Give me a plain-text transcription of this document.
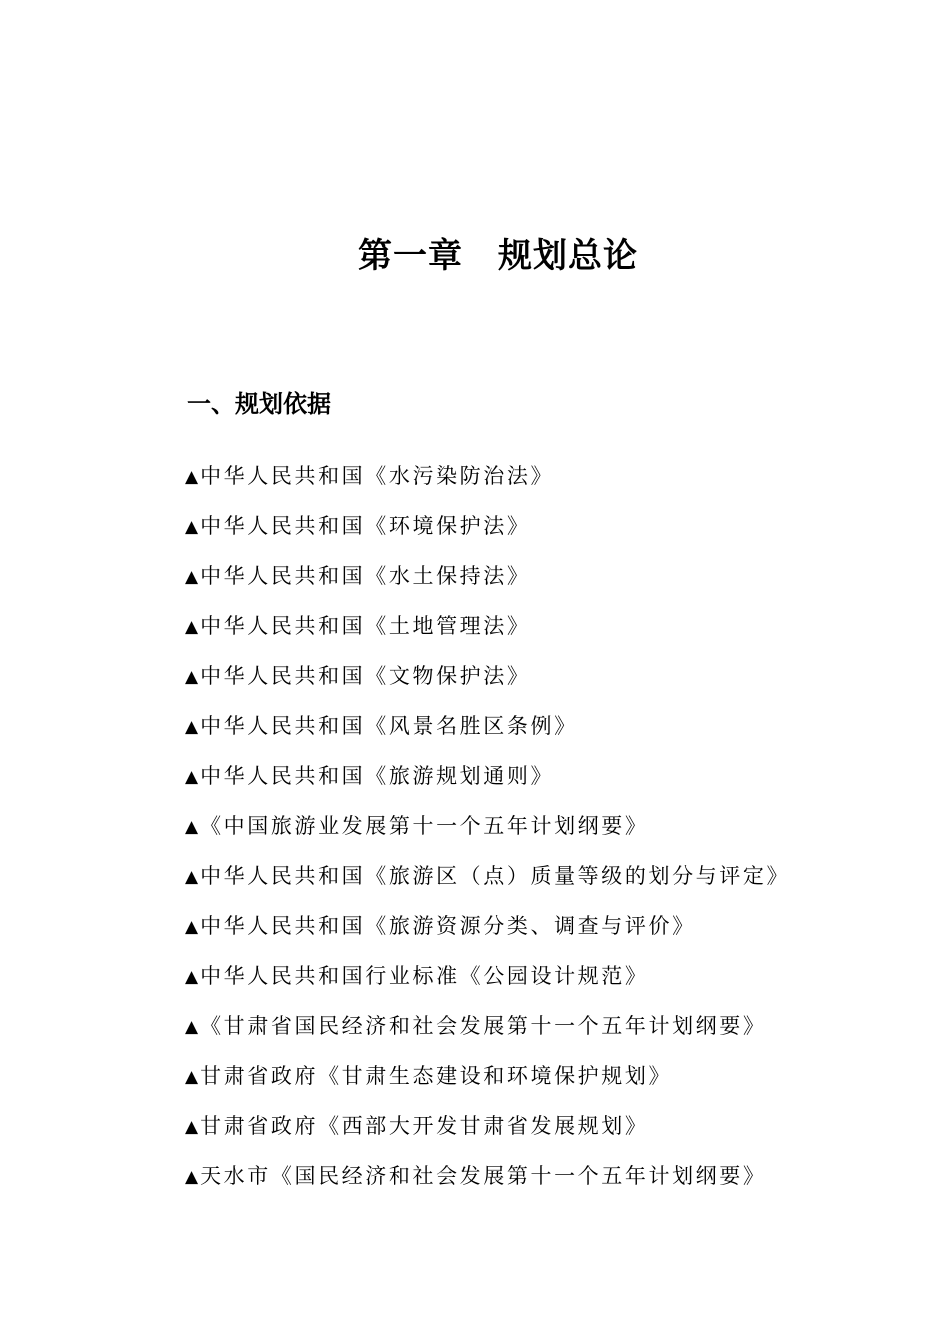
第一章　规划总论
一、规划依据
▲中华人民共和国《水污染防治法》
▲中华人民共和国《环境保护法》
▲中华人民共和国《水土保持法》
▲中华人民共和国《土地管理法》
▲中华人民共和国《文物保护法》
▲中华人民共和国《风景名胜区条例》
▲中华人民共和国《旅游规划通则》
▲《中国旅游业发展第十一个五年计划纲要》
▲中华人民共和国《旅游区（点）质量等级的划分与评定》
▲中华人民共和国《旅游资源分类、调查与评价》
▲中华人民共和国行业标准《公园设计规范》
▲《甘肃省国民经济和社会发展第十一个五年计划纲要》
▲甘肃省政府《甘肃生态建设和环境保护规划》
▲甘肃省政府《西部大开发甘肃省发展规划》
▲天水市《国民经济和社会发展第十一个五年计划纲要》
